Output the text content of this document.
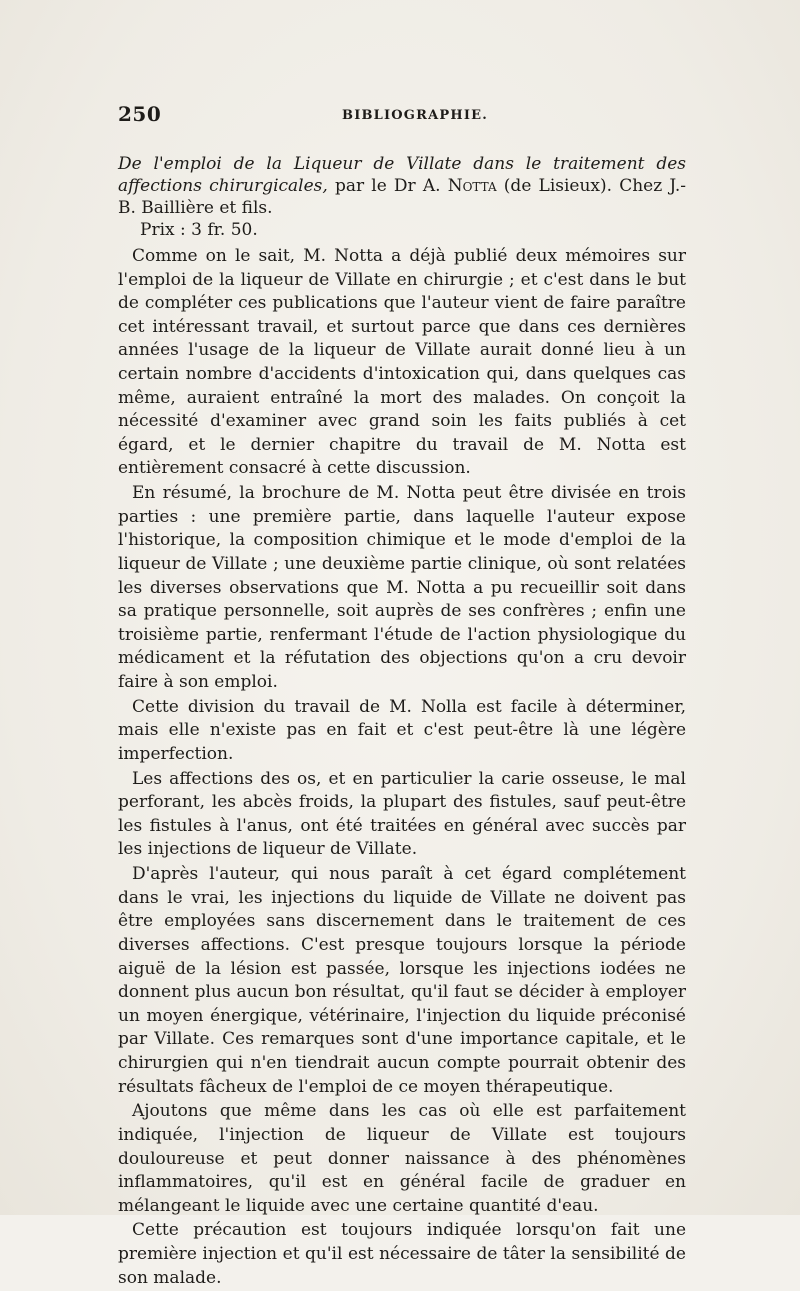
250	BIBLIOGRAPHIE.
De l'emploi de la Liqueur de Villate dans le traitement des affections chirurgicales, par le Dr A. Notta (de Lisieux). Chez J.-B. Baillière et fils.
Prix : 3 fr. 50.

Comme on le sait, M. Notta a déjà publié deux mémoires sur l'emploi de la liqueur de Villate en chirurgie ; et c'est dans le but de compléter ces publications que l'auteur vient de faire paraître cet intéressant travail, et surtout parce que dans ces dernières années l'usage de la liqueur de Villate aurait donné lieu à un certain nombre d'accidents d'intoxication qui, dans quelques cas même, auraient entraîné la mort des malades. On conçoit la nécessité d'examiner avec grand soin les faits publiés à cet égard, et le dernier chapitre du travail de M. Notta est entièrement consacré à cette discussion.

En résumé, la brochure de M. Notta peut être divisée en trois parties : une première partie, dans laquelle l'auteur expose l'historique, la composition chimique et le mode d'emploi de la liqueur de Villate ; une deuxième partie clinique, où sont relatées les diverses observations que M. Notta a pu recueillir soit dans sa pratique personnelle, soit auprès de ses confrères ; enfin une troisième partie, renfermant l'étude de l'action physiologique du médicament et la réfutation des objections qu'on a cru devoir faire à son emploi.

Cette division du travail de M. Nolla est facile à déterminer, mais elle n'existe pas en fait et c'est peut-être là une légère imperfection.

Les affections des os, et en particulier la carie osseuse, le mal perforant, les abcès froids, la plupart des fistules, sauf peut-être les fistules à l'anus, ont été traitées en général avec succès par les injections de liqueur de Villate.

D'après l'auteur, qui nous paraît à cet égard complétement dans le vrai, les injections du liquide de Villate ne doivent pas être employées sans discernement dans le traitement de ces diverses affections. C'est presque toujours lorsque la période aiguë de la lésion est passée, lorsque les injections iodées ne donnent plus aucun bon résultat, qu'il faut se décider à employer un moyen énergique, vétérinaire, l'injection du liquide préconisé par Villate. Ces remarques sont d'une importance capitale, et le chirurgien qui n'en tiendrait aucun compte pourrait obtenir des résultats fâcheux de l'emploi de ce moyen thérapeutique.

Ajoutons que même dans les cas où elle est parfaitement indiquée, l'injection de liqueur de Villate est toujours douloureuse et peut donner naissance à des phénomènes inflammatoires, qu'il est en général facile de graduer en mélangeant le liquide avec une certaine quantité d'eau.

Cette précaution est toujours indiquée lorsqu'on fait une première injection et qu'il est nécessaire de tâter la sensibilité de son malade.
